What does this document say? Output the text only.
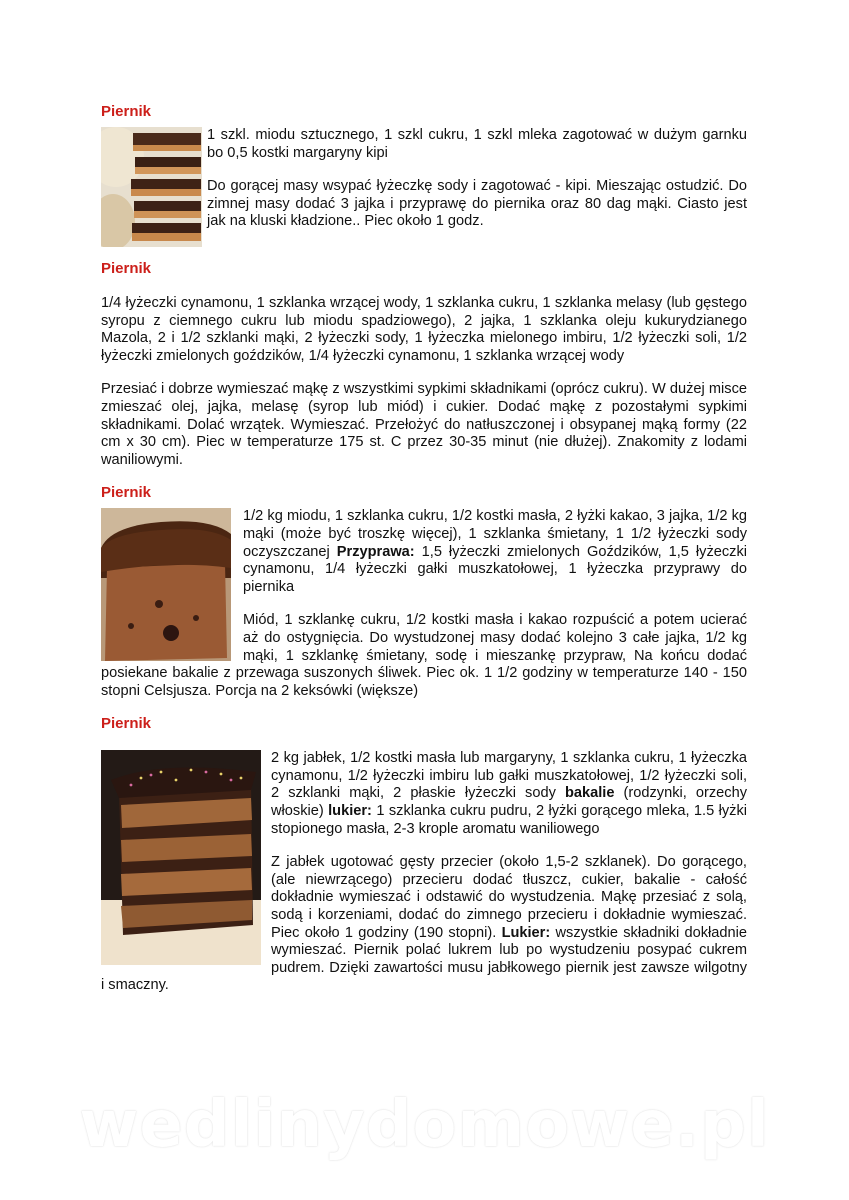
Piernik

1 szkl. miodu sztucznego, 1 szkl cukru, 1 szkl mleka zagotować w dużym garnku bo 0,5 kostki margaryny kipi

Do gorącej masy wsypać łyżeczkę sody i zagotować - kipi. Mieszając ostudzić. Do zimnej masy dodać 3 jajka i przyprawę do piernika oraz 80 dag mąki. Ciasto jest jak na kluski kładzione.. Piec około 1 godz.

Piernik

1/4 łyżeczki cynamonu, 1 szklanka wrzącej wody, 1 szklanka cukru, 1 szklanka melasy (lub gęstego syropu z ciemnego cukru lub miodu spadziowego), 2 jajka, 1 szklanka oleju kukurydzianego Mazola, 2 i 1/2 szklanki mąki, 2 łyżeczki sody, 1 łyżeczka mielonego imbiru, 1/2 łyżeczki soli, 1/2 łyżeczki zmielonych goździków, 1/4 łyżeczki cynamonu, 1 szklanka wrzącej wody

Przesiać i dobrze wymieszać mąkę z wszystkimi sypkimi składnikami (oprócz cukru). W dużej misce zmieszać olej, jajka, melasę (syrop lub miód) i cukier. Dodać mąkę z pozostałymi sypkimi składnikami. Dolać wrzątek. Wymieszać. Przełożyć do natłuszczonej i obsypanej mąką formy (22 cm x 30 cm). Piec w temperaturze 175 st. C przez 30-35 minut (nie dłużej). Znakomity z lodami waniliowymi.

Piernik

1/2 kg miodu, 1 szklanka cukru, 1/2 kostki masła, 2 łyżki kakao, 3 jajka, 1/2 kg mąki (może być troszkę więcej), 1 szklanka śmietany, 1 1/2 łyżeczki sody oczyszczanej Przyprawa: 1,5 łyżeczki zmielonych Goździków, 1,5 łyżeczki cynamonu, 1/4 łyżeczki gałki muszkatołowej, 1 łyżeczka przyprawy do piernika

Miód, 1 szklankę cukru, 1/2 kostki masła i kakao rozpuścić a potem ucierać aż do ostygnięcia. Do wystudzonej masy dodać kolejno 3 całe jajka, 1/2 kg mąki, 1 szklankę śmietany, sodę i mieszankę przypraw, Na końcu dodać posiekane bakalie z przewaga suszonych śliwek. Piec ok. 1 1/2 godziny w temperaturze 140 - 150 stopni Celsjusza. Porcja na 2 keksówki (większe)

Piernik

2 kg jabłek, 1/2 kostki masła lub margaryny, 1 szklanka cukru, 1 łyżeczka cynamonu, 1/2 łyżeczki imbiru lub gałki muszkatołowej, 1/2 łyżeczki soli, 2 szklanki mąki, 2 płaskie łyżeczki sody bakalie (rodzynki, orzechy włoskie) lukier: 1 szklanka cukru pudru, 2 łyżki gorącego mleka, 1.5 łyżki stopionego masła, 2-3 krople aromatu waniliowego

Z jabłek ugotować gęsty przecier (około 1,5-2 szklanek). Do gorącego, (ale niewrzącego) przecieru dodać tłuszcz, cukier, bakalie - całość dokładnie wymieszać i odstawić do wystudzenia. Mąkę przesiać z solą, sodą i korzeniami, dodać do zimnego przecieru i dokładnie wymieszać. Piec około 1 godziny (190 stopni). Lukier: wszystkie składniki dokładnie wymieszać. Piernik polać lukrem lub po wystudzeniu posypać cukrem pudrem. Dzięki zawartości musu jabłkowego piernik jest zawsze wilgotny i smaczny.

wedlinydomowe.pl
